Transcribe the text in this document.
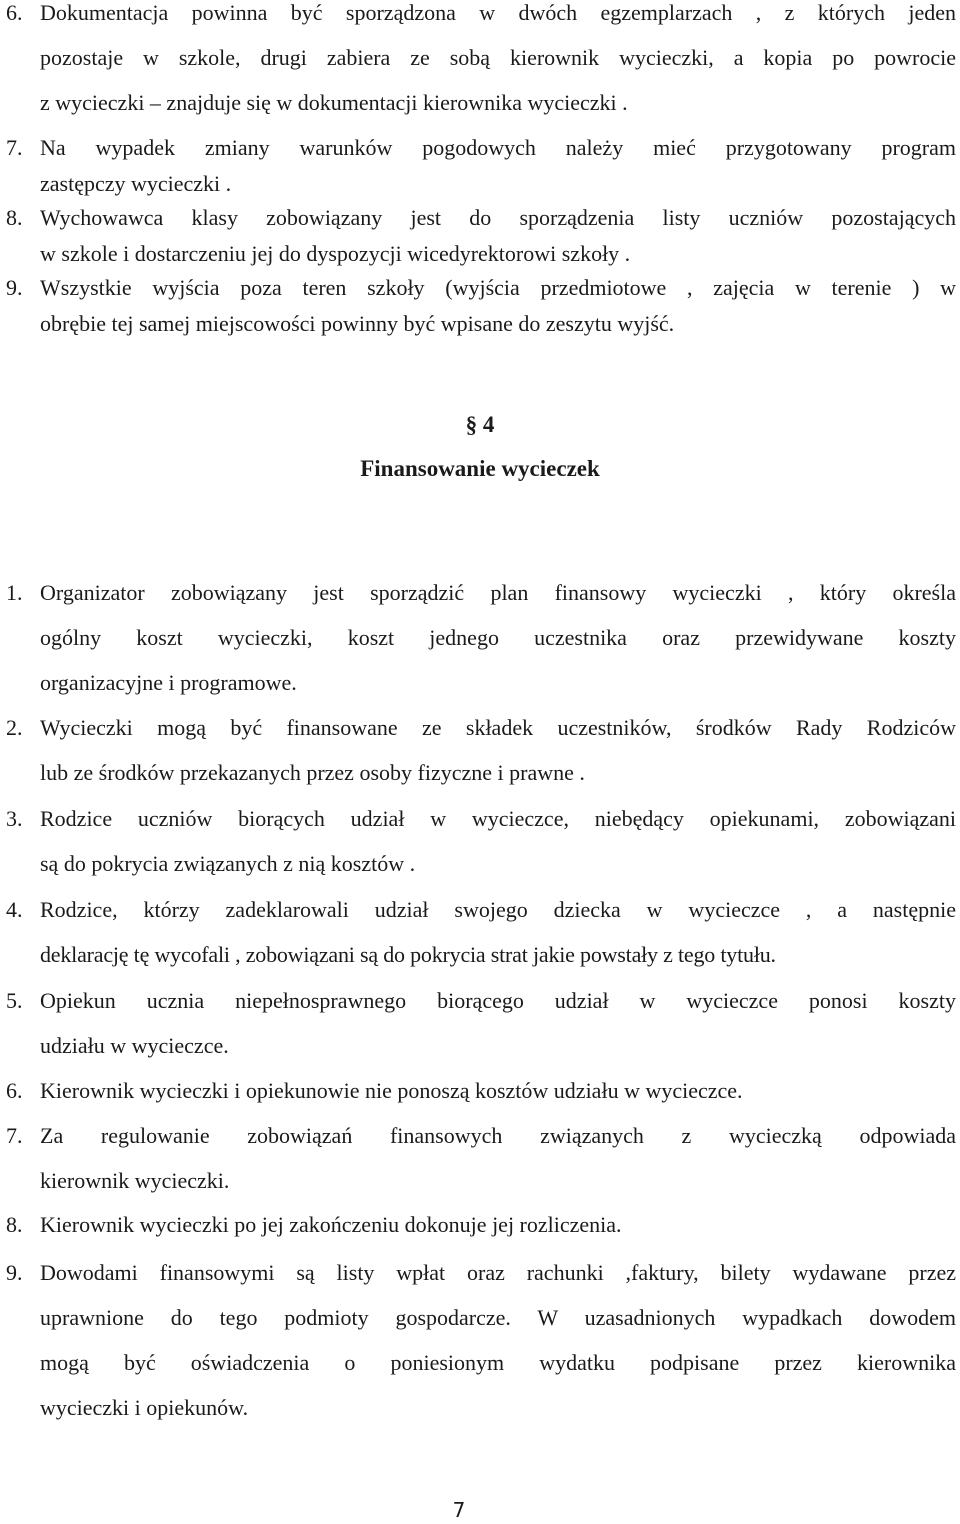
6. Dokumentacja powinna być sporządzona w dwóch egzemplarzach , z których jeden
pozostaje w szkole, drugi zabiera ze sobą kierownik wycieczki, a kopia po powrocie
z wycieczki – znajduje się w dokumentacji kierownika wycieczki .
7. Na wypadek zmiany warunków pogodowych należy mieć przygotowany program
zastępczy wycieczki .
8. Wychowawca klasy zobowiązany jest do sporządzenia listy uczniów pozostających
w szkole i dostarczeniu jej do dyspozycji wicedyrektorowi szkoły .
9. Wszystkie wyjścia poza teren szkoły (wyjścia przedmiotowe , zajęcia w terenie ) w
obrębie tej samej miejscowości powinny być wpisane do zeszytu wyjść.
§ 4
Finansowanie wycieczek
1. Organizator zobowiązany jest sporządzić plan finansowy wycieczki , który określa
ogólny koszt wycieczki, koszt jednego uczestnika oraz przewidywane koszty
organizacyjne i programowe.
2. Wycieczki mogą być finansowane ze składek uczestników, środków Rady Rodziców
lub ze środków przekazanych przez osoby fizyczne i prawne .
3. Rodzice uczniów biorących udział w wycieczce, niebędący opiekunami, zobowiązani
są do pokrycia związanych z nią kosztów .
4. Rodzice, którzy zadeklarowali udział swojego dziecka w wycieczce , a następnie
deklarację tę wycofali , zobowiązani są do pokrycia strat jakie powstały z tego tytułu.
5. Opiekun ucznia niepełnosprawnego biorącego udział w wycieczce ponosi koszty
udziału w wycieczce.
6. Kierownik wycieczki i opiekunowie nie ponoszą kosztów udziału w wycieczce.
7. Za regulowanie zobowiązań finansowych związanych z wycieczką odpowiada
kierownik wycieczki.
8. Kierownik wycieczki po jej zakończeniu dokonuje jej rozliczenia.
9. Dowodami finansowymi są listy wpłat oraz rachunki ,faktury, bilety wydawane przez
uprawnione do tego podmioty gospodarcze. W uzasadnionych wypadkach dowodem
mogą być oświadczenia o poniesionym wydatku podpisane przez kierownika
wycieczki i opiekunów.
7
